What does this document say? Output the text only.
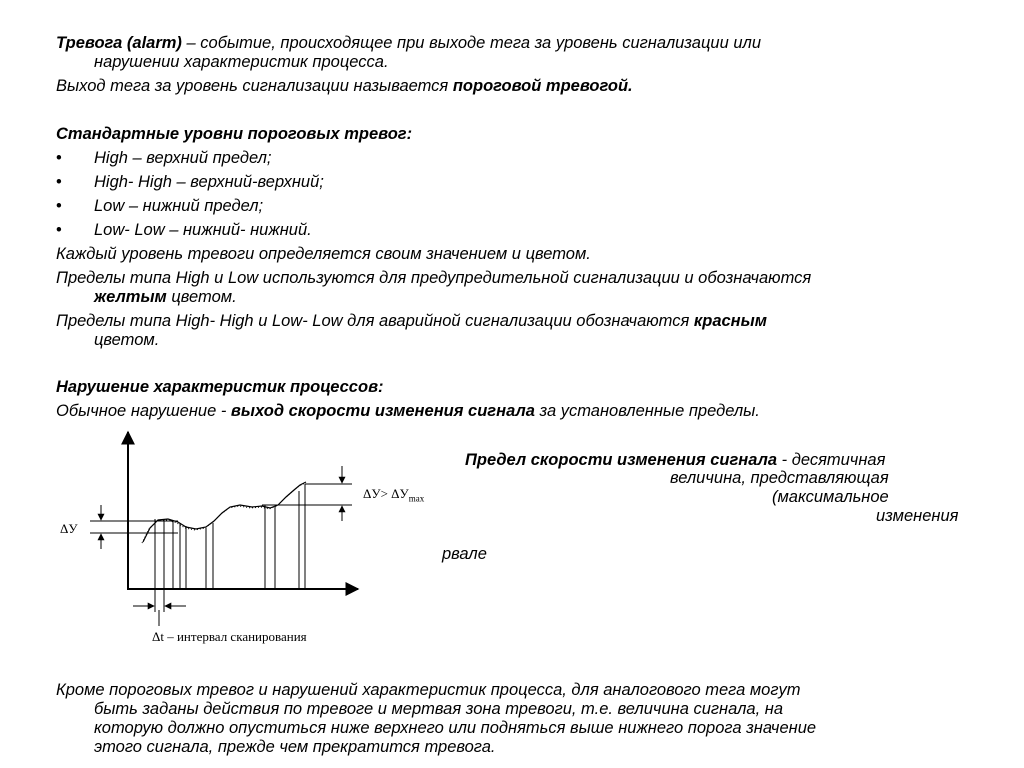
Тревога (alarm) – событие, происходящее при выходе тега за уровень сигнализации или
нарушении характеристик процесса.
Выход тега за уровень сигнализации называется пороговой тревогой.
Стандартные уровни пороговых тревог:
• High – верхний предел;
• High- High – верхний-верхний;
• Low – нижний предел;
• Low- Low – нижний- нижний.
Каждый уровень тревоги определяется своим значением и цветом.
Пределы типа High и Low используются для предупредительной сигнализации и обозначаются
желтым цветом.
Пределы типа High- High и Low- Low для аварийной сигнализации обозначаются красным
цветом.
Нарушение характеристик процессов:
Обычное нарушение - выход скорости изменения сигнала за установленные пределы.
Предел скорости изменения сигнала - десятичная
величина, представляющая
(максимальное
изменения
рвале
ΔУ
$\Delta У> \Delta У_{max}$
Δt – интервал сканирования
Кроме пороговых тревог и нарушений характеристик процесса, для аналогового тега могут
быть заданы действия по тревоге и мертвая зона тревоги, т.е. величина сигнала, на
которую должно опуститься ниже верхнего или подняться выше нижнего порога значение
этого сигнала, прежде чем прекратится тревога.
